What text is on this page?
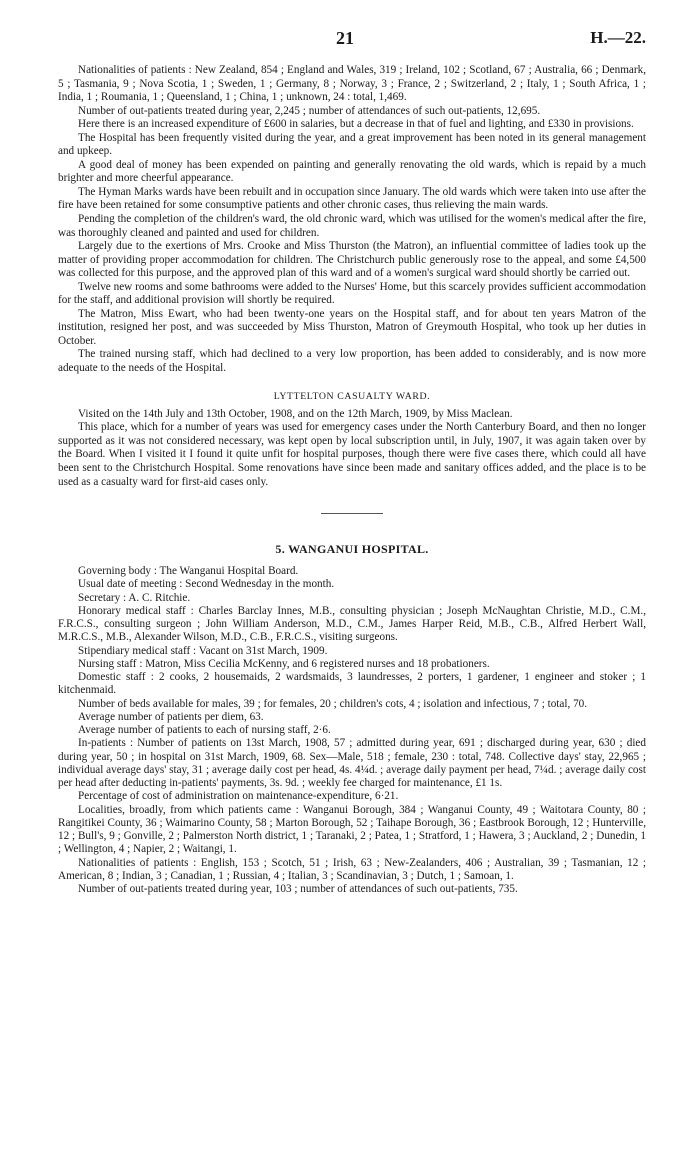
21	H.—22.

Nationalities of patients : New Zealand, 854 ; England and Wales, 319 ; Ireland, 102 ; Scotland, 67 ; Australia, 66 ; Denmark, 5 ; Tasmania, 9 ; Nova Scotia, 1 ; Sweden, 1 ; Germany, 8 ; Norway, 3 ; France, 2 ; Switzerland, 2 ; Italy, 1 ; South Africa, 1 ; India, 1 ; Roumania, 1 ; Queensland, 1 ; China, 1 ; unknown, 24 : total, 1,469.

Number of out-patients treated during year, 2,245 ; number of attendances of such out-patients, 12,695.

Here there is an increased expenditure of £600 in salaries, but a decrease in that of fuel and lighting, and £330 in provisions.

The Hospital has been frequently visited during the year, and a great improvement has been noted in its general management and upkeep.

A good deal of money has been expended on painting and generally renovating the old wards, which is repaid by a much brighter and more cheerful appearance.

The Hyman Marks wards have been rebuilt and in occupation since January. The old wards which were taken into use after the fire have been retained for some consumptive patients and other chronic cases, thus relieving the main wards.

Pending the completion of the children's ward, the old chronic ward, which was utilised for the women's medical after the fire, was thoroughly cleaned and painted and used for children.

Largely due to the exertions of Mrs. Crooke and Miss Thurston (the Matron), an influential committee of ladies took up the matter of providing proper accommodation for children. The Christchurch public generously rose to the appeal, and some £4,500 was collected for this purpose, and the approved plan of this ward and of a women's surgical ward should shortly be carried out.

Twelve new rooms and some bathrooms were added to the Nurses' Home, but this scarcely provides sufficient accommodation for the staff, and additional provision will shortly be required.

The Matron, Miss Ewart, who had been twenty-one years on the Hospital staff, and for about ten years Matron of the institution, resigned her post, and was succeeded by Miss Thurston, Matron of Greymouth Hospital, who took up her duties in October.

The trained nursing staff, which had declined to a very low proportion, has been added to considerably, and is now more adequate to the needs of the Hospital.

LYTTELTON CASUALTY WARD.

Visited on the 14th July and 13th October, 1908, and on the 12th March, 1909, by Miss Maclean.

This place, which for a number of years was used for emergency cases under the North Canterbury Board, and then no longer supported as it was not considered necessary, was kept open by local subscription until, in July, 1907, it was again taken over by the Board. When I visited it I found it quite unfit for hospital purposes, though there were five cases there, which could all have been sent to the Christchurch Hospital. Some renovations have since been made and sanitary offices added, and the place is to be used as a casualty ward for first-aid cases only.

5. WANGANUI HOSPITAL.

Governing body : The Wanganui Hospital Board.

Usual date of meeting : Second Wednesday in the month.

Secretary : A. C. Ritchie.

Honorary medical staff : Charles Barclay Innes, M.B., consulting physician ; Joseph McNaughtan Christie, M.D., C.M., F.R.C.S., consulting surgeon ; John William Anderson, M.D., C.M., James Harper Reid, M.B., C.B., Alfred Herbert Wall, M.R.C.S., M.B., Alexander Wilson, M.D., C.B., F.R.C.S., visiting surgeons.

Stipendiary medical staff : Vacant on 31st March, 1909.

Nursing staff : Matron, Miss Cecilia McKenny, and 6 registered nurses and 18 probationers.

Domestic staff : 2 cooks, 2 housemaids, 2 wardsmaids, 3 laundresses, 2 porters, 1 gardener, 1 engineer and stoker ; 1 kitchenmaid.

Number of beds available for males, 39 ; for females, 20 ; children's cots, 4 ; isolation and infectious, 7 ; total, 70.

Average number of patients per diem, 63.

Average number of patients to each of nursing staff, 2·6.

In-patients : Number of patients on 13st March, 1908, 57 ; admitted during year, 691 ; discharged during year, 630 ; died during year, 50 ; in hospital on 31st March, 1909, 68. Sex—Male, 518 ; female, 230 : total, 748. Collective days' stay, 22,965 ; individual average days' stay, 31 ; average daily cost per head, 4s. 4¼d. ; average daily payment per head, 7¼d. ; average daily cost per head after deducting in-patients' payments, 3s. 9d. ; weekly fee charged for maintenance, £1 1s.

Percentage of cost of administration on maintenance-expenditure, 6·21.

Localities, broadly, from which patients came : Wanganui Borough, 384 ; Wanganui County, 49 ; Waitotara County, 80 ; Rangitikei County, 36 ; Waimarino County, 58 ; Marton Borough, 52 ; Taihape Borough, 36 ; Eastbrook Borough, 12 ; Hunterville, 12 ; Bull's, 9 ; Gonville, 2 ; Palmerston North district, 1 ; Taranaki, 2 ; Patea, 1 ; Stratford, 1 ; Hawera, 3 ; Auckland, 2 ; Dunedin, 1 ; Wellington, 4 ; Napier, 2 ; Waitangi, 1.

Nationalities of patients : English, 153 ; Scotch, 51 ; Irish, 63 ; New-Zealanders, 406 ; Australian, 39 ; Tasmanian, 12 ; American, 8 ; Indian, 3 ; Canadian, 1 ; Russian, 4 ; Italian, 3 ; Scandinavian, 3 ; Dutch, 1 ; Samoan, 1.

Number of out-patients treated during year, 103 ; number of attendances of such out-patients, 735.
